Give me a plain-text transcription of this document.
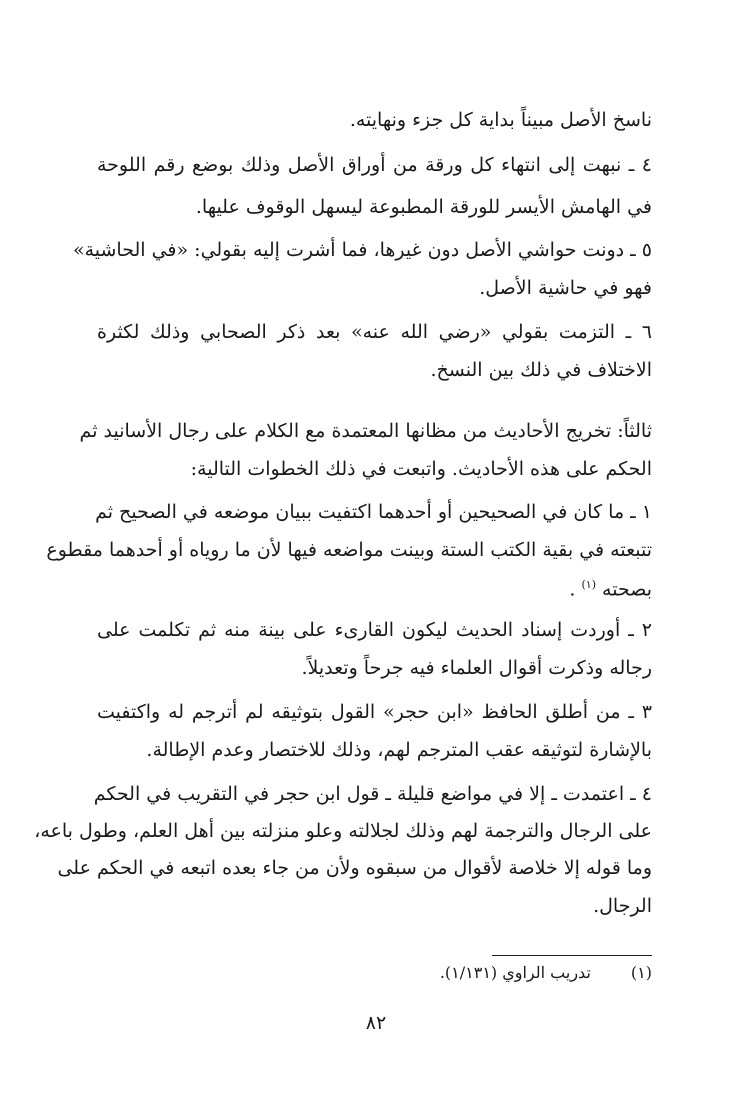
ناسخ الأصل مبيناً بداية كل جزء ونهايته.
٤ ـ نبهت إلى انتهاء كل ورقة من أوراق الأصل وذلك بوضع رقم اللوحة
في الهامش الأيسر للورقة المطبوعة ليسهل الوقوف عليها.
٥ ـ دونت حواشي الأصل دون غيرها، فما أشرت إليه بقولي: «في الحاشية»
فهو في حاشية الأصل.
٦ ـ التزمت بقولي «رضي الله عنه» بعد ذكر الصحابي وذلك لكثرة
الاختلاف في ذلك بين النسخ.
ثالثاً: تخريج الأحاديث من مظانها المعتمدة مع الكلام على رجال الأسانيد ثم
الحكم على هذه الأحاديث. واتبعت في ذلك الخطوات التالية:
١ ـ ما كان في الصحيحين أو أحدهما اكتفيت ببيان موضعه في الصحيح ثم
تتبعته في بقية الكتب الستة وبينت مواضعه فيها لأن ما روياه أو أحدهما مقطوع
بصحته $^{(١)}$ .
٢ ـ أوردت إسناد الحديث ليكون القارىء على بينة منه ثم تكلمت على
رجاله وذكرت أقوال العلماء فيه جرحاً وتعديلاً.
٣ ـ من أطلق الحافظ «ابن حجر» القول بتوثيقه لم أترجم له واكتفيت
بالإشارة لتوثيقه عقب المترجم لهم، وذلك للاختصار وعدم الإطالة.
٤ ـ اعتمدت ـ إلا في مواضع قليلة ـ قول ابن حجر في التقريب في الحكم
على الرجال والترجمة لهم وذلك لجلالته وعلو منزلته بين أهل العلم، وطول باعه،
وما قوله إلا خلاصة لأقوال من سبقوه ولأن من جاء بعده اتبعه في الحكم على
الرجال.
(١)تدريب الراوي (١/١٣١).
٨٢
